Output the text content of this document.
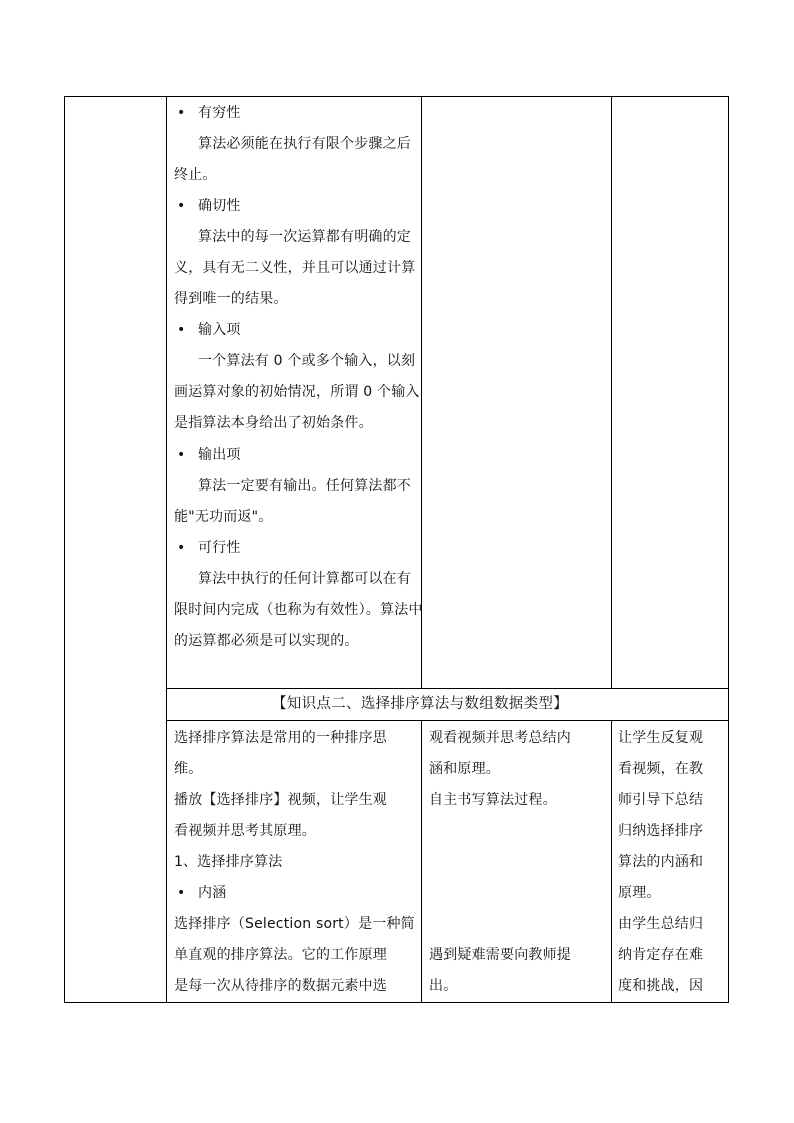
• 有穷性
算法必须能在执行有限个步骤之后
终止。
• 确切性
算法中的每一次运算都有明确的定
义，具有无二义性，并且可以通过计算
得到唯一的结果。
• 输入项
一个算法有 0 个或多个输入，以刻
画运算对象的初始情况，所谓 0 个输入
是指算法本身给出了初始条件。
• 输出项
算法一定要有输出。任何算法都不
能"无功而返"。
• 可行性
算法中执行的任何计算都可以在有
限时间内完成（也称为有效性）。算法中
的运算都必须是可以实现的。
【知识点二、选择排序算法与数组数据类型】
选择排序算法是常用的一种排序思
维。
播放【选择排序】视频，让学生观
看视频并思考其原理。
1、选择排序算法
• 内涵
选择排序（Selection sort）是一种简
单直观的排序算法。它的工作原理
是每一次从待排序的数据元素中选
观看视频并思考总结内
涵和原理。
自主书写算法过程。
遇到疑难需要向教师提
出。
让学生反复观
看视频，在教
师引导下总结
归纳选择排序
算法的内涵和
原理。
由学生总结归
纳肯定存在难
度和挑战，因
